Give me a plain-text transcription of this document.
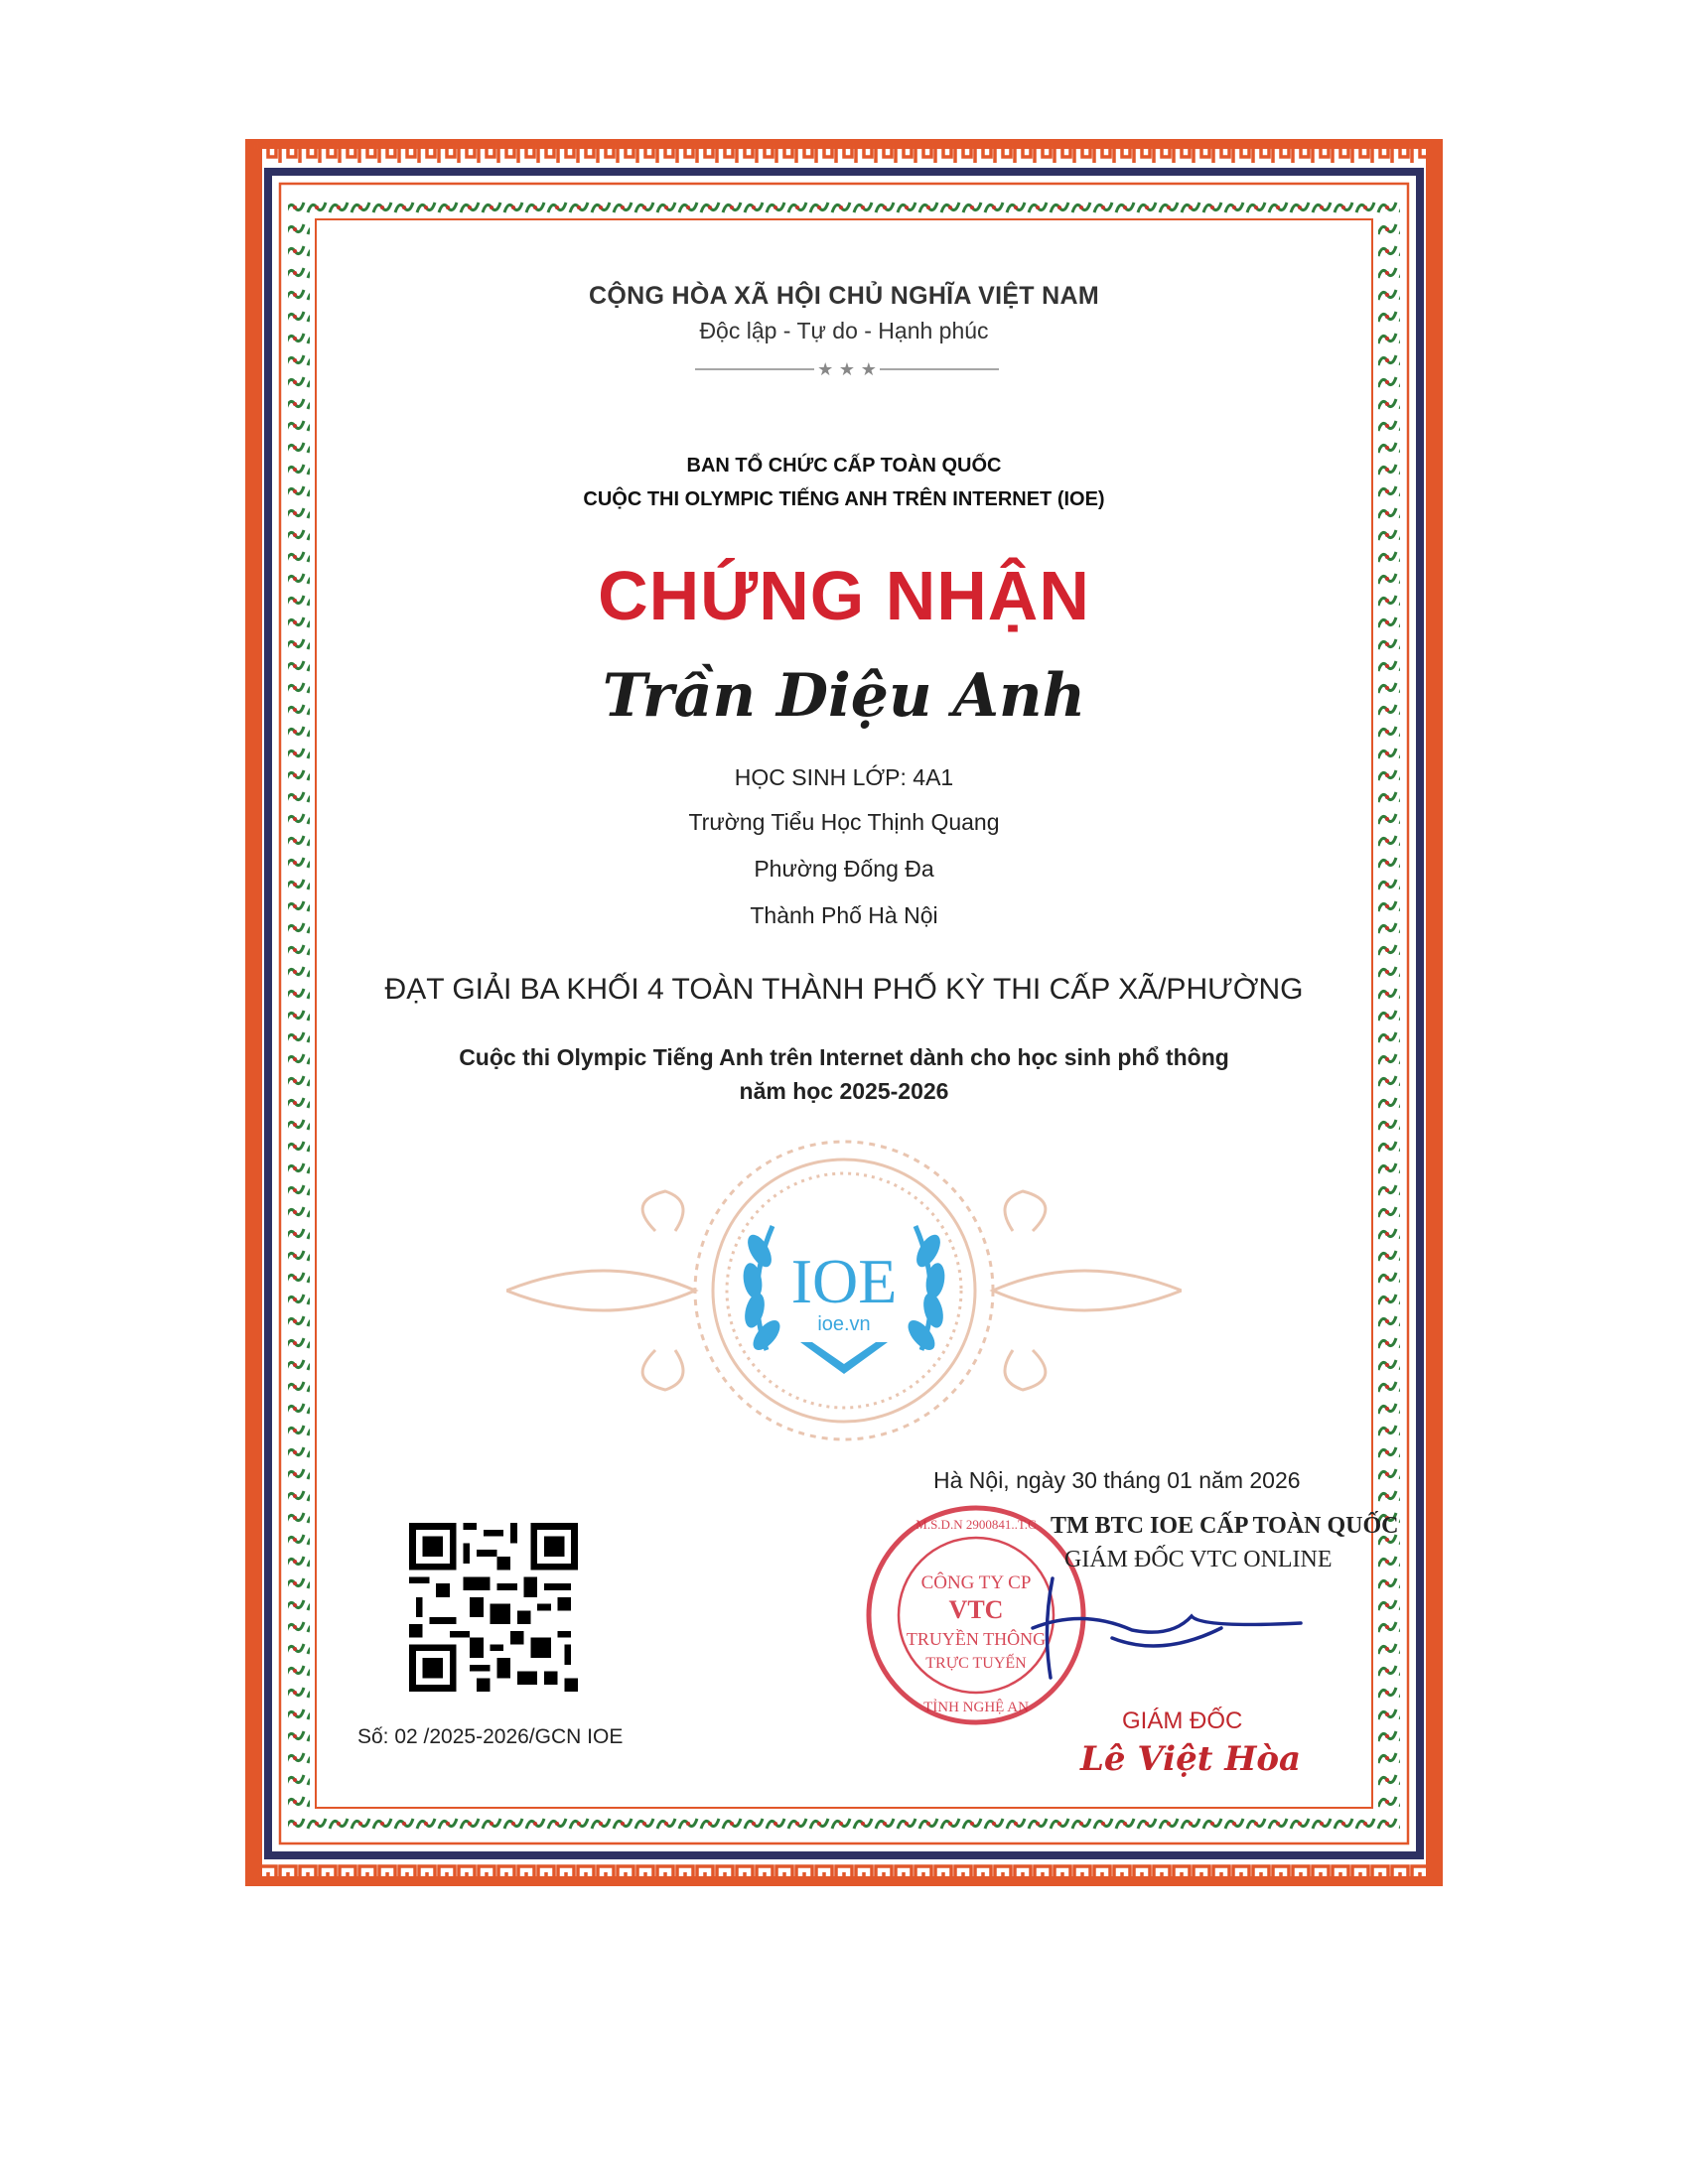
CỘNG HÒA XÃ HỘI CHỦ NGHĨA VIỆT NAM
Độc lập - Tự do - Hạnh phúc
★ ★ ★
BAN TỔ CHỨC CẤP TOÀN QUỐC
CUỘC THI OLYMPIC TIẾNG ANH TRÊN INTERNET (IOE)
CHỨNG NHẬN
Trần Diệu Anh
HỌC SINH LỚP: 4A1
Trường Tiểu Học Thịnh Quang
Phường Đống Đa
Thành Phố Hà Nội
ĐẠT GIẢI BA KHỐI 4 TOÀN THÀNH PHỐ KỲ THI CẤP XÃ/PHƯỜNG
Cuộc thi Olympic Tiếng Anh trên Internet dành cho học sinh phổ thông
năm học 2025-2026
IOE
ioe.vn
Hà Nội, ngày 30 tháng 01 năm 2026
M.S.D.N 2900841..T.C
TỈNH NGHỆ AN
CÔNG TY CP
VTC
TRUYỀN THÔNG
TRỰC TUYẾN
TM BTC IOE CẤP TOÀN QUỐC
GIÁM ĐỐC VTC ONLINE
GIÁM ĐỐC
Lê Việt Hòa
Số: 02 /2025-2026/GCN IOE
